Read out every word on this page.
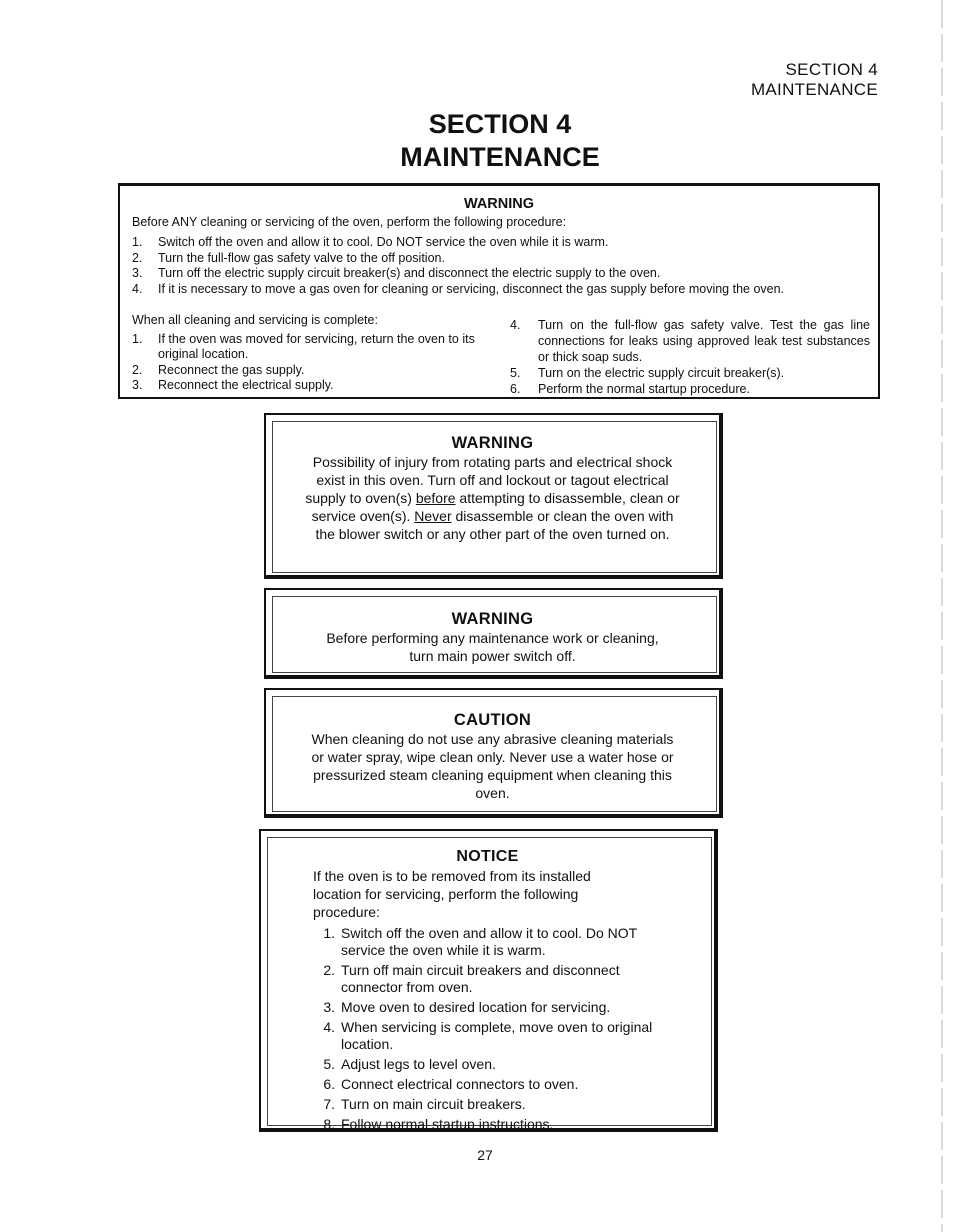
SECTION 4
MAINTENANCE
SECTION 4
MAINTENANCE
WARNING
Before ANY cleaning or servicing of the oven, perform the following procedure:
1.	Switch off the oven and allow it to cool. Do NOT service the oven while it is warm.
2.	Turn the full-flow gas safety valve to the off position.
3.	Turn off the electric supply circuit breaker(s) and disconnect the electric supply to the oven.
4.	If it is necessary to move a gas oven for cleaning or servicing, disconnect the gas supply before moving the oven.
When all cleaning and servicing is complete:
1.	If the oven was moved for servicing, return the oven to its original location.
2.	Reconnect the gas supply.
3.	Reconnect the electrical supply.
4.	Turn on the full-flow gas safety valve. Test the gas line connections for leaks using approved leak test substances or thick soap suds.
5.	Turn on the electric supply circuit breaker(s).
6.	Perform the normal startup procedure.
WARNING
Possibility of injury from rotating parts and electrical shock exist in this oven. Turn off and lockout or tagout electrical supply to oven(s) before attempting to disassemble, clean or service oven(s). Never disassemble or clean the oven with the blower switch or any other part of the oven turned on.
WARNING
Before performing any maintenance work or cleaning, turn main power switch off.
CAUTION
When cleaning do not use any abrasive cleaning materials or water spray, wipe clean only. Never use a water hose or pressurized steam cleaning equipment when cleaning this oven.
NOTICE
If the oven is to be removed from its installed location for servicing, perform the following procedure:
1. Switch off the oven and allow it to cool. Do NOT service the oven while it is warm.
2. Turn off main circuit breakers and disconnect connector from oven.
3. Move oven to desired location for servicing.
4. When servicing is complete, move oven to original location.
5. Adjust legs to level oven.
6. Connect electrical connectors to oven.
7. Turn on main circuit breakers.
8. Follow normal startup instructions.
27
